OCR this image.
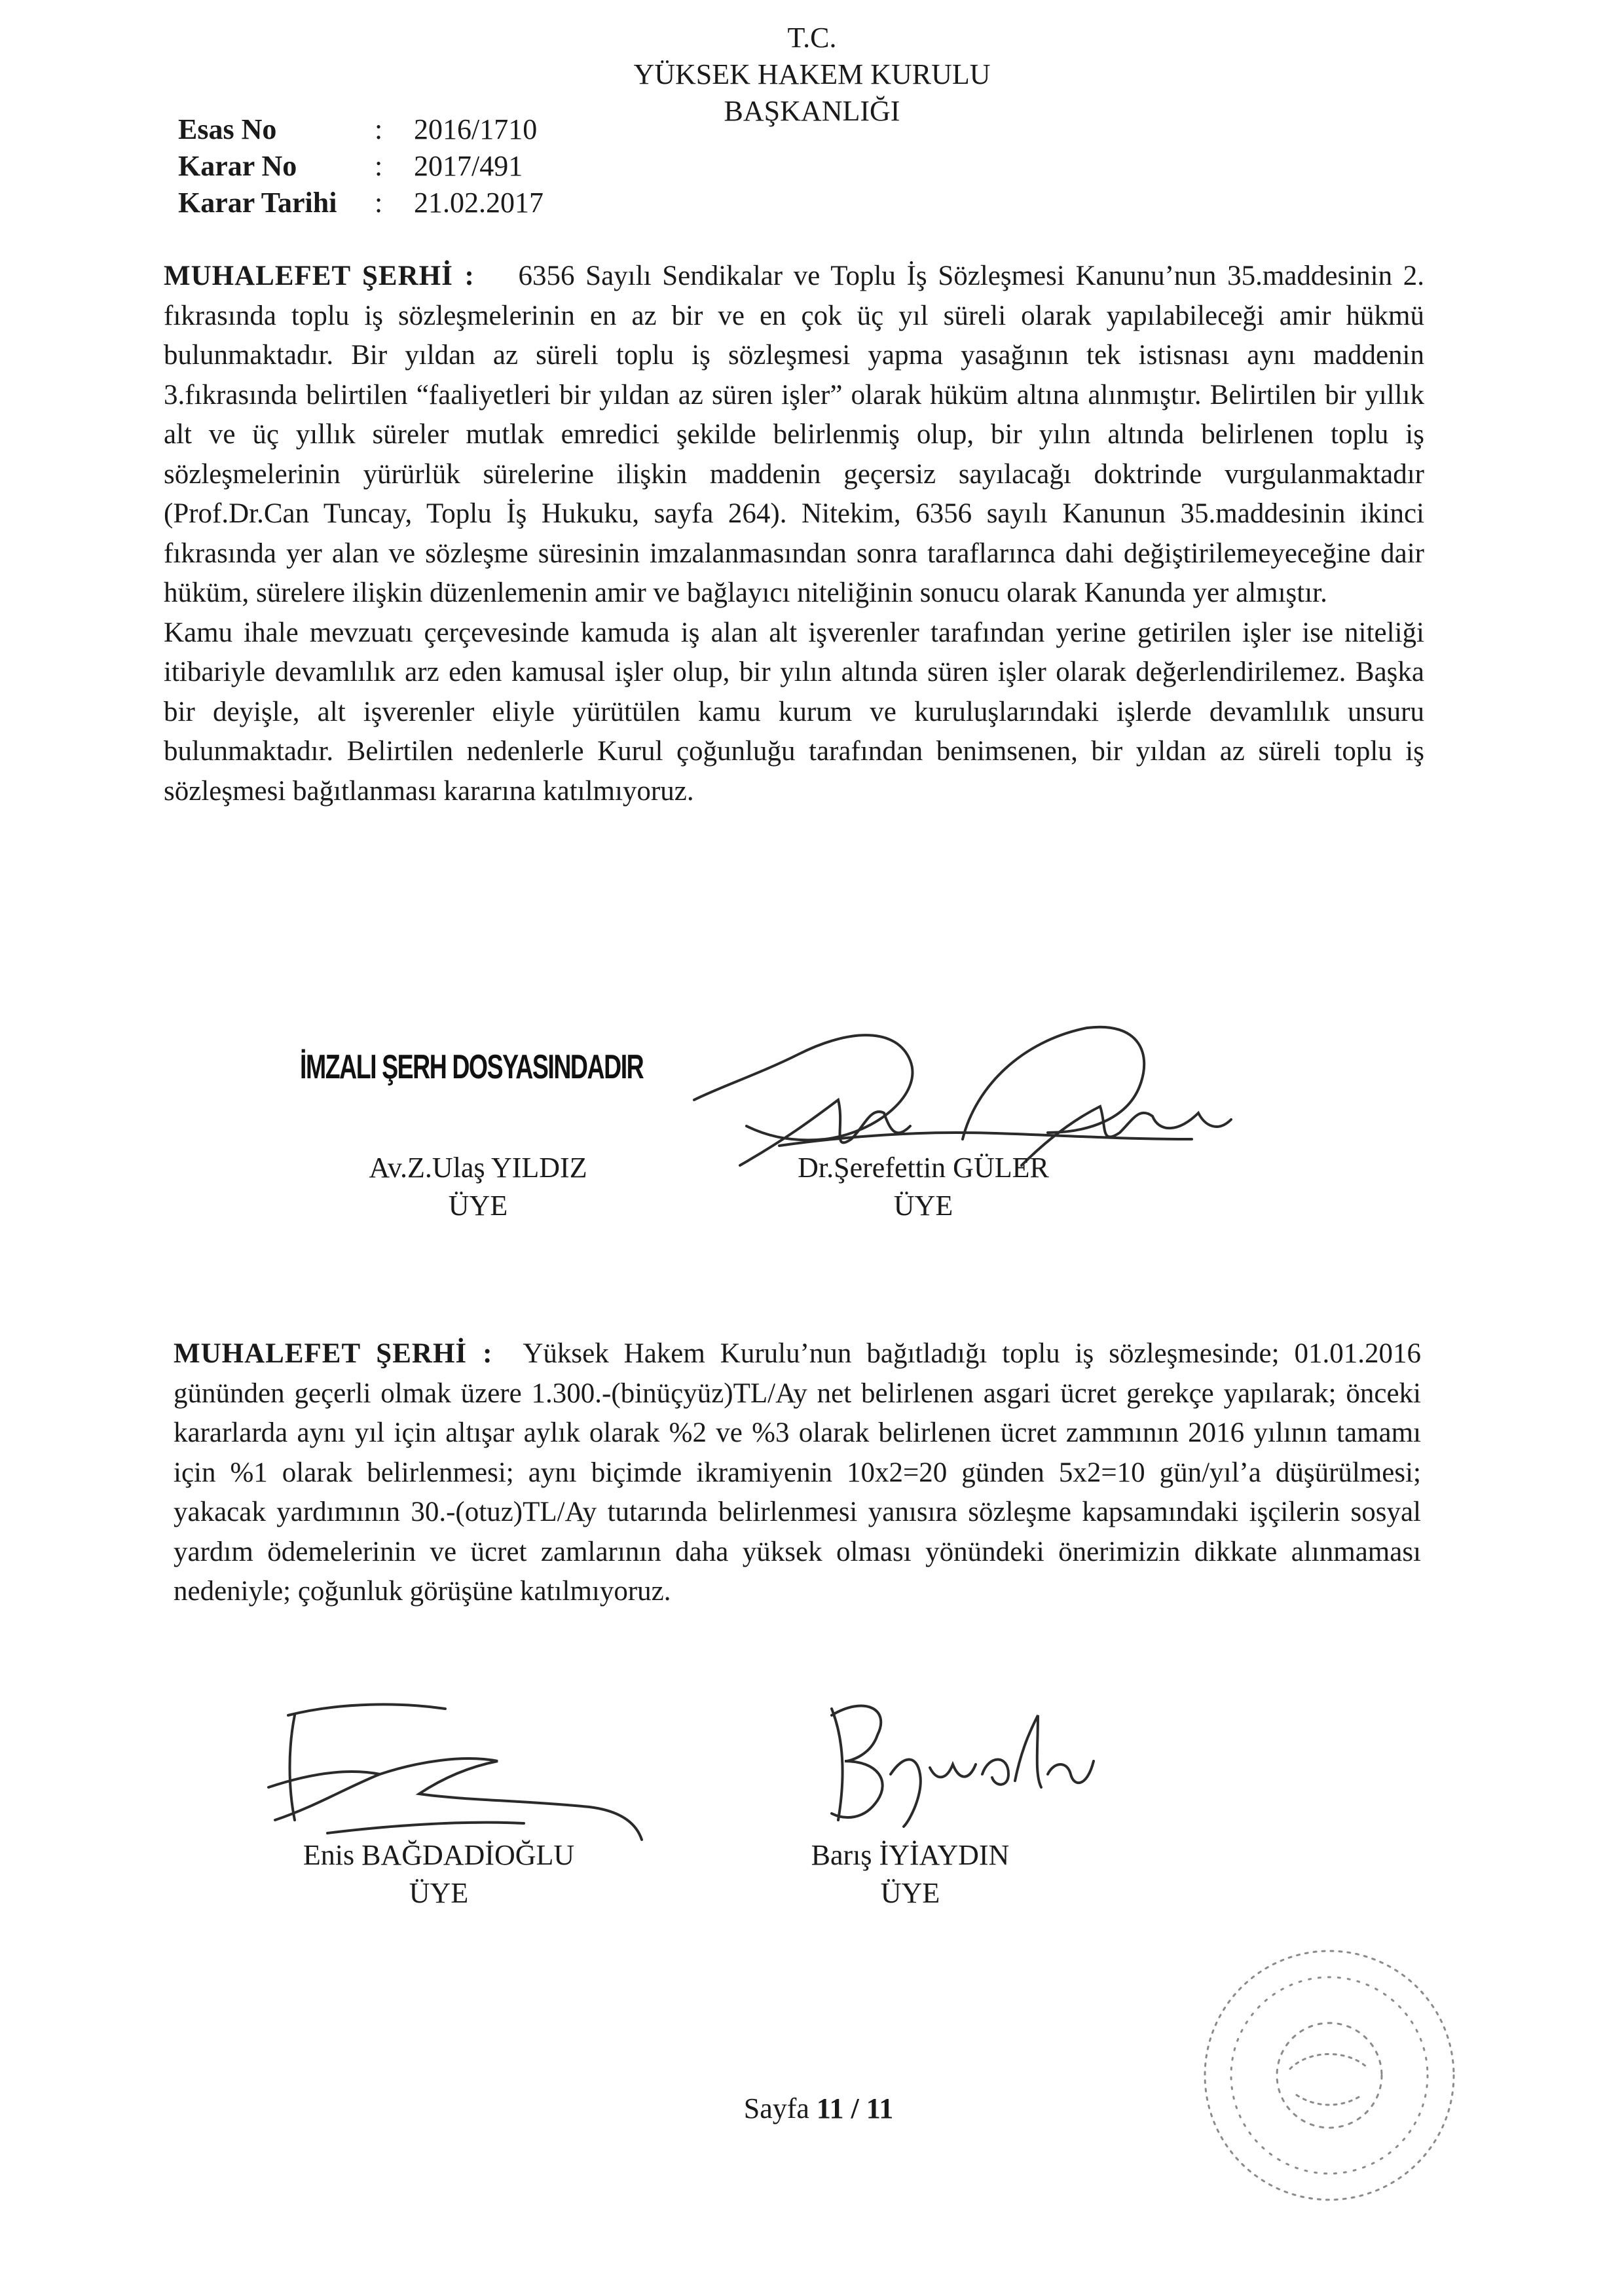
T.C.
YÜKSEK HAKEM KURULU
BAŞKANLIĞI
Esas No	:	2016/1710
Karar No	:	2017/491
Karar Tarihi	:	21.02.2017

MUHALEFET ŞERHİ : 6356 Sayılı Sendikalar ve Toplu İş Sözleşmesi Kanunu’nun 35.maddesinin 2. fıkrasında toplu iş sözleşmelerinin en az bir ve en çok üç yıl süreli olarak yapılabileceği amir hükmü bulunmaktadır. Bir yıldan az süreli toplu iş sözleşmesi yapma yasağının tek istisnası aynı maddenin 3.fıkrasında belirtilen “faaliyetleri bir yıldan az süren işler” olarak hüküm altına alınmıştır. Belirtilen bir yıllık alt ve üç yıllık süreler mutlak emredici şekilde belirlenmiş olup, bir yılın altında belirlenen toplu iş sözleşmelerinin yürürlük sürelerine ilişkin maddenin geçersiz sayılacağı doktrinde vurgulanmaktadır (Prof.Dr.Can Tuncay, Toplu İş Hukuku, sayfa 264). Nitekim, 6356 sayılı Kanunun 35.maddesinin ikinci fıkrasında yer alan ve sözleşme süresinin imzalanmasından sonra taraflarınca dahi değiştirilemeyeceğine dair hüküm, sürelere ilişkin düzenlemenin amir ve bağlayıcı niteliğinin sonucu olarak Kanunda yer almıştır.

Kamu ihale mevzuatı çerçevesinde kamuda iş alan alt işverenler tarafından yerine getirilen işler ise niteliği itibariyle devamlılık arz eden kamusal işler olup, bir yılın altında süren işler olarak değerlendirilemez. Başka bir deyişle, alt işverenler eliyle yürütülen kamu kurum ve kuruluşlarındaki işlerde devamlılık unsuru bulunmaktadır. Belirtilen nedenlerle Kurul çoğunluğu tarafından benimsenen, bir yıldan az süreli toplu iş sözleşmesi bağıtlanması kararına katılmıyoruz.

İMZALI ŞERH DOSYASINDADIR
Av.Z.Ulaş YILDIZ
ÜYE
Dr.Şerefettin GÜLER
ÜYE

MUHALEFET ŞERHİ : Yüksek Hakem Kurulu’nun bağıtladığı toplu iş sözleşmesinde; 01.01.2016 gününden geçerli olmak üzere 1.300.-(binüçyüz)TL/Ay net belirlenen asgari ücret gerekçe yapılarak; önceki kararlarda aynı yıl için altışar aylık olarak %2 ve %3 olarak belirlenen ücret zammının 2016 yılının tamamı için %1 olarak belirlenmesi; aynı biçimde ikramiyenin 10x2=20 günden 5x2=10 gün/yıl’a düşürülmesi; yakacak yardımının 30.-(otuz)TL/Ay tutarında belirlenmesi yanısıra sözleşme kapsamındaki işçilerin sosyal yardım ödemelerinin ve ücret zamlarının daha yüksek olması yönündeki önerimizin dikkate alınmaması nedeniyle; çoğunluk görüşüne katılmıyoruz.

Enis BAĞDADİOĞLU
ÜYE
Barış İYİAYDIN
ÜYE
Sayfa 11 / 11
